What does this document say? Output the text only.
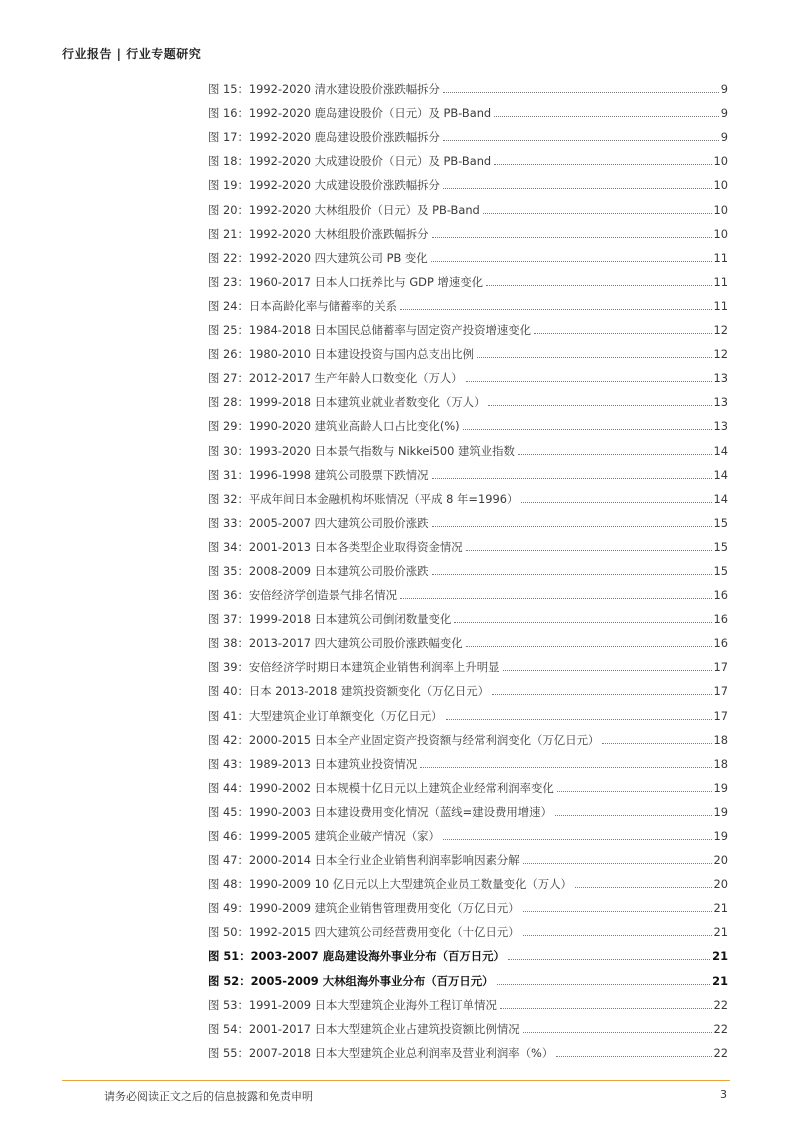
行业报告 | 行业专题研究
图 15：1992-2020 清水建设股价涨跌幅拆分	9
图 16：1992-2020 鹿岛建设股价（日元）及 PB-Band	9
图 17：1992-2020 鹿岛建设股价涨跌幅拆分	9
图 18：1992-2020 大成建设股价（日元）及 PB-Band	10
图 19：1992-2020 大成建设股价涨跌幅拆分	10
图 20：1992-2020 大林组股价（日元）及 PB-Band	10
图 21：1992-2020 大林组股价涨跌幅拆分	10
图 22：1992-2020 四大建筑公司 PB 变化	11
图 23：1960-2017 日本人口抚养比与 GDP 增速变化	11
图 24：日本高龄化率与储蓄率的关系	11
图 25：1984-2018 日本国民总储蓄率与固定资产投资增速变化	12
图 26：1980-2010 日本建设投资与国内总支出比例	12
图 27：2012-2017 生产年龄人口数变化（万人）	13
图 28：1999-2018 日本建筑业就业者数变化（万人）	13
图 29：1990-2020 建筑业高龄人口占比变化(%)	13
图 30：1993-2020 日本景气指数与 Nikkei500 建筑业指数	14
图 31：1996-1998 建筑公司股票下跌情况	14
图 32：平成年间日本金融机构坏账情况（平成 8 年=1996）	14
图 33：2005-2007 四大建筑公司股价涨跌	15
图 34：2001-2013 日本各类型企业取得资金情况	15
图 35：2008-2009 日本建筑公司股价涨跌	15
图 36：安倍经济学创造景气排名情况	16
图 37：1999-2018 日本建筑公司倒闭数量变化	16
图 38：2013-2017 四大建筑公司股价涨跌幅变化	16
图 39：安倍经济学时期日本建筑企业销售利润率上升明显	17
图 40：日本 2013-2018 建筑投资额变化（万亿日元）	17
图 41：大型建筑企业订单额变化（万亿日元）	17
图 42：2000-2015 日本全产业固定资产投资额与经常利润变化（万亿日元）	18
图 43：1989-2013 日本建筑业投资情况	18
图 44：1990-2002 日本规模十亿日元以上建筑企业经常利润率变化	19
图 45：1990-2003 日本建设费用变化情况（蓝线=建设费用增速）	19
图 46：1999-2005 建筑企业破产情况（家）	19
图 47：2000-2014 日本全行业企业销售利润率影响因素分解	20
图 48：1990-2009 10 亿日元以上大型建筑企业员工数量变化（万人）	20
图 49：1990-2009 建筑企业销售管理费用变化（万亿日元）	21
图 50：1992-2015 四大建筑公司经营费用变化（十亿日元）	21
图 51：2003-2007 鹿岛建设海外事业分布（百万日元）	21
图 52：2005-2009 大林组海外事业分布（百万日元）	21
图 53：1991-2009 日本大型建筑企业海外工程订单情况	22
图 54：2001-2017 日本大型建筑企业占建筑投资额比例情况	22
图 55：2007-2018 日本大型建筑企业总利润率及营业利润率（%）	22
请务必阅读正文之后的信息披露和免责申明	3
